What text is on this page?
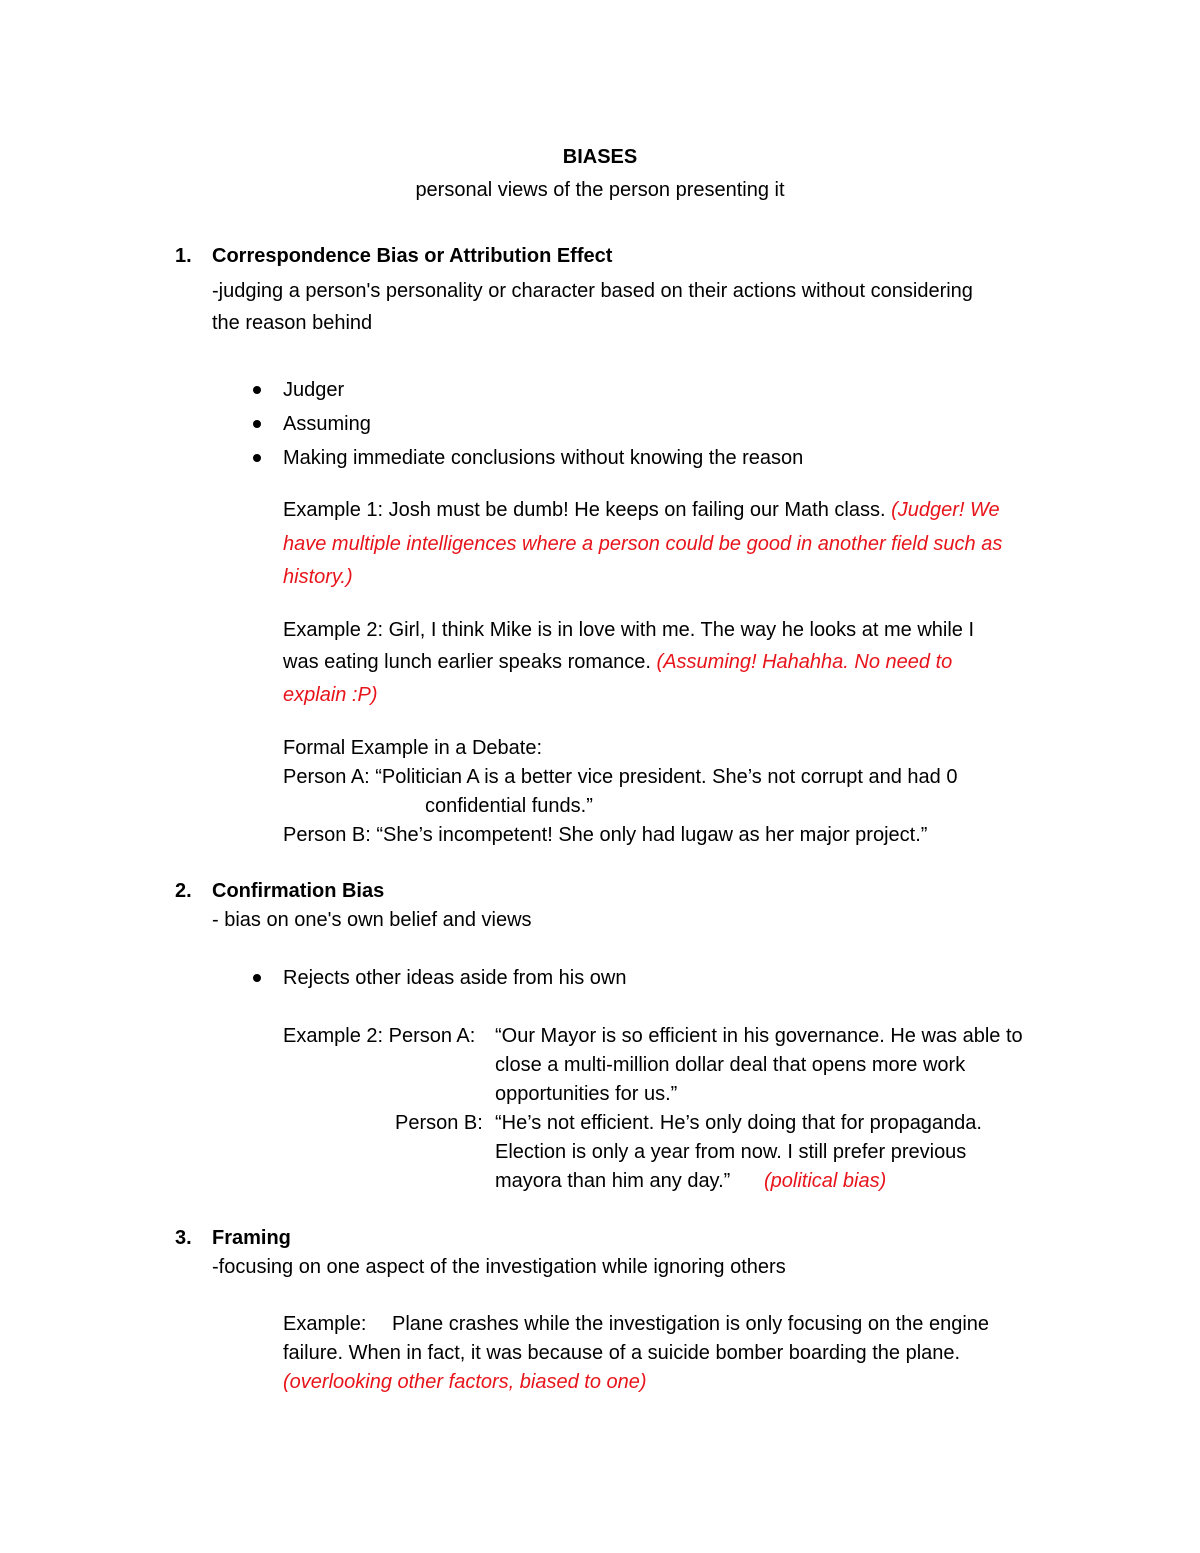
BIASES
personal views of the person presenting it
1. Correspondence Bias or Attribution Effect
-judging a person's personality or character based on their actions without considering
the reason behind
Judger
Assuming
Making immediate conclusions without knowing the reason
Example 1: Josh must be dumb! He keeps on failing our Math class. (Judger! We
have multiple intelligences where a person could be good in another field such as
history.)
Example 2: Girl, I think Mike is in love with me. The way he looks at me while I
was eating lunch earlier speaks romance. (Assuming! Hahahha. No need to
explain :P)
Formal Example in a Debate:
Person A: “Politician A is a better vice president. She’s not corrupt and had 0
confidential funds.”
Person B: “She’s incompetent! She only had lugaw as her major project.”
2. Confirmation Bias
- bias on one's own belief and views
Rejects other ideas aside from his own
Example 2: Person A: “Our Mayor is so efficient in his governance. He was able to
close a multi-million dollar deal that opens more work
opportunities for us.”
Person B: “He’s not efficient. He’s only doing that for propaganda.
Election is only a year from now. I still prefer previous
mayora than him any day.” (political bias)
3. Framing
-focusing on one aspect of the investigation while ignoring others
Example: Plane crashes while the investigation is only focusing on the engine
failure. When in fact, it was because of a suicide bomber boarding the plane.
(overlooking other factors, biased to one)
